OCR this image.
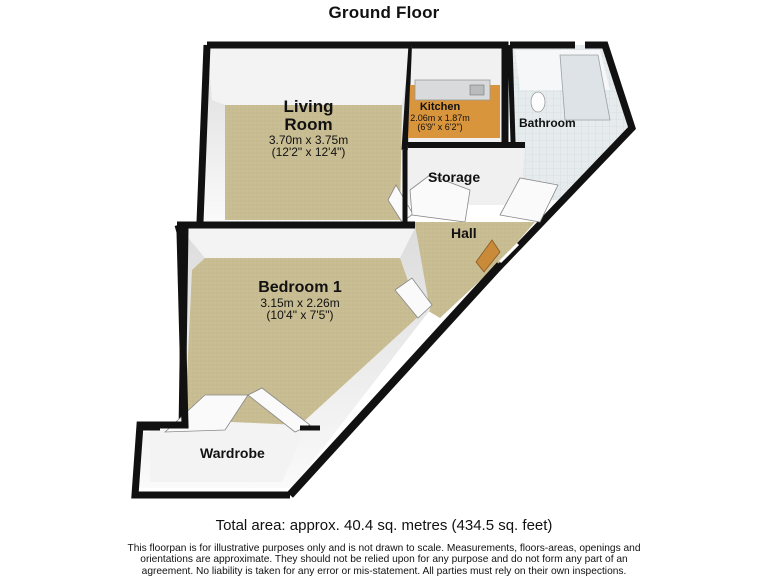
Ground Floor
Living
Room
3.70m x 3.75m
(12'2" x 12'4")
Kitchen
2.06m x 1.87m
(6'9" x 6'2")	Bathroom
Storage
Hall
Bedroom 1
3.15m x 2.26m
(10'4" x 7'5")
Wardrobe
Total area: approx. 40.4 sq. metres (434.5 sq. feet)
This floorpan is for illustrative purposes only and is not drawn to scale. Measurements, floors-areas, openings and
orientations are approximate. They should not be relied upon for any purpose and do not form any part of an
agreement. No liability is taken for any error or mis-statement. All parties must rely on their own inspections.
